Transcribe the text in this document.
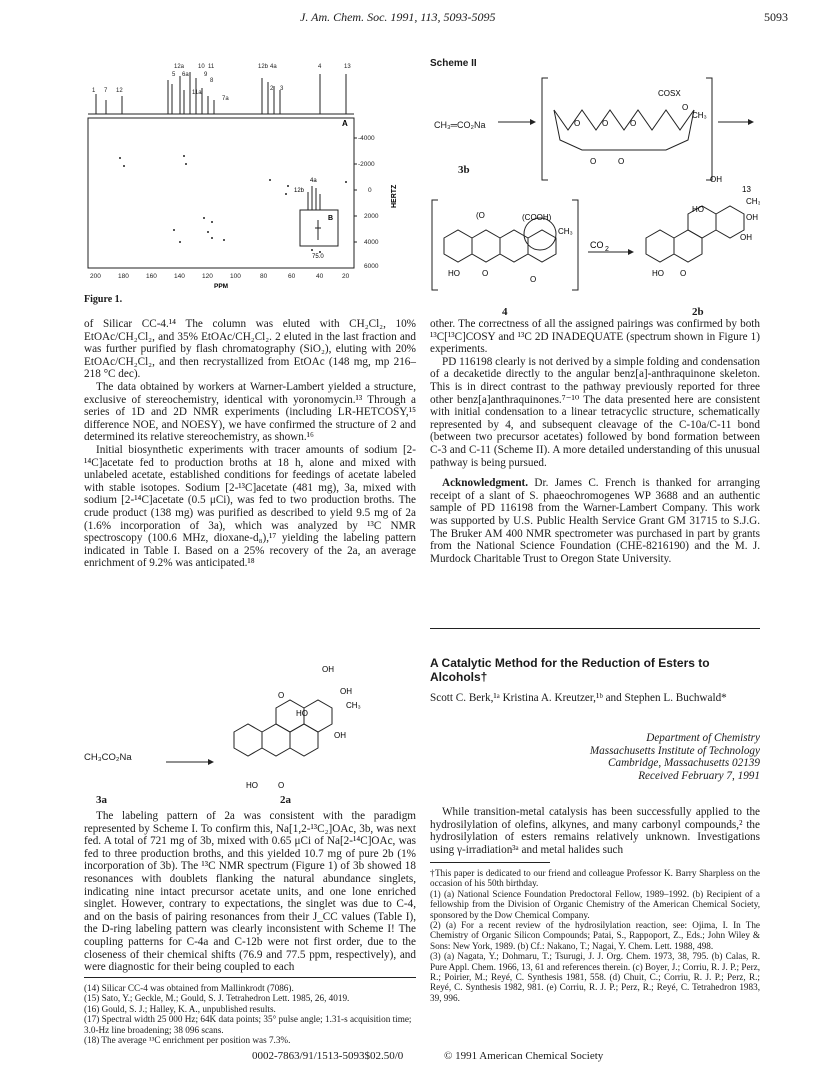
J. Am. Chem. Soc. 1991, 113, 5093-5095	5093
12a 10 11	12b 4a	4	13
5 6a	9
8
11a
7a
1 7 12	2 3
A
-4000
-2000
0
2000
4000
6000
HERTZ
B
75.0
12b
4a
200	180	160	140	120	100	80	60	40	20
PPM
Figure 1.

of Silicar CC-4.¹⁴ The column was eluted with CH₂Cl₂, 10% EtOAc/CH₂Cl₂, and 35% EtOAc/CH₂Cl₂. 2 eluted in the last fraction and was further purified by flash chromatography (SiO₂), eluting with 20% EtOAc/CH₂Cl₂, and then recrystallized from EtOAc (148 mg, mp 216–218 °C dec).

The data obtained by workers at Warner-Lambert yielded a structure, exclusive of stereochemistry, identical with yoronomycin.¹³ Through a series of 1D and 2D NMR experiments (including LR-HETCOSY,¹⁵ difference NOE, and NOESY), we have confirmed the structure of 2 and determined its relative stereochemistry, as shown.¹⁶

Initial biosynthetic experiments with tracer amounts of sodium [2-¹⁴C]acetate fed to production broths at 18 h, alone and mixed with unlabeled acetate, established conditions for feedings of acetate labeled with stable isotopes. Sodium [2-¹³C]acetate (481 mg), 3a, mixed with sodium [2-¹⁴C]acetate (0.5 μCi), was fed to two production broths. The crude product (138 mg) was purified as described to yield 9.5 mg of 2a (1.6% incorporation of 3a), which was analyzed by ¹³C NMR spectroscopy (100.6 MHz, dioxane-d₈),¹⁷ yielding the labeling pattern indicated in Table I. Based on a 25% recovery of the 2a, an average enrichment of 9.2% was anticipated.¹⁸

OH
OH
CH₃
OH
O
HO
HO	O
CH₃CO₂Na
3a	2a

The labeling pattern of 2a was consistent with the paradigm represented by Scheme I. To confirm this, Na[1,2-¹³C₂]OAc, 3b, was next fed. A total of 721 mg of 3b, mixed with 0.65 μCi of Na[2-¹⁴C]OAc, was fed to three production broths, and this yielded 10.7 mg of pure 2b (1% incorporation of 3b). The ¹³C NMR spectrum (Figure 1) of 3b showed 18 resonances with doublets flanking the natural abundance singlets, indicating nine intact precursor acetate units, and one lone enriched singlet. However, contrary to expectations, the singlet was due to C-4, and on the basis of pairing resonances from their J_CC values (Table I), the D-ring labeling pattern was clearly inconsistent with Scheme I! The coupling patterns for C-4a and C-12b were not first order, due to the closeness of their chemical shifts (76.9 and 77.5 ppm, respectively), and were diagnostic for their being coupled to each

(14) Silicar CC-4 was obtained from Mallinkrodt (7086).

(15) Sato, Y.; Geckle, M.; Gould, S. J. Tetrahedron Lett. 1985, 26, 4019.

(16) Gould, S. J.; Halley, K. A., unpublished results.

(17) Spectral width 25 000 Hz; 64K data points; 35° pulse angle; 1.31-s acquisition time; 3.0-Hz line broadening; 38 096 scans.

(18) The average ¹³C enrichment per position was 7.3%.

Scheme II
COSX
O
CH₃
O	O	O
O	O
(O	(COOH)
CH₃
HO	O
O
CO 2
OH
13
CH₃
OH
OH
HO
HO O
3b
CH₃═CO₂Na
4	2b

other. The correctness of all the assigned pairings was confirmed by both ¹³C[¹³C]COSY and ¹³C 2D INADEQUATE (spectrum shown in Figure 1) experiments.

PD 116198 clearly is not derived by a simple folding and condensation of a decaketide directly to the angular benz[a]-anthraquinone skeleton. This is in direct contrast to the pathway previously reported for three other benz[a]anthraquinones.⁷⁻¹⁰ The data presented here are consistent with initial condensation to a linear tetracyclic structure, schematically represented by 4, and subsequent cleavage of the C-10a/C-11 bond (between two precursor acetates) followed by bond formation between C-3 and C-11 (Scheme II). A more detailed understanding of this unusual pathway is being pursued.

Acknowledgment. Dr. James C. French is thanked for arranging receipt of a slant of S. phaeochromogenes WP 3688 and an authentic sample of PD 116198 from the Warner-Lambert Company. This work was supported by U.S. Public Health Service Grant GM 31715 to S.J.G. The Bruker AM 400 NMR spectrometer was purchased in part by grants from the National Science Foundation (CHE-8216190) and the M. J. Murdock Charitable Trust to Oregon State University.

A Catalytic Method for the Reduction of Esters to Alcohols†
Scott C. Berk,¹ᵃ Kristina A. Kreutzer,¹ᵇ and Stephen L. Buchwald*
Department of Chemistry
Massachusetts Institute of Technology
Cambridge, Massachusetts 02139
Received February 7, 1991

While transition-metal catalysis has been successfully applied to the hydrosilylation of olefins, alkynes, and many carbonyl compounds,² the hydrosilylation of esters remains relatively unknown. Investigations using γ-irradiation³ᵃ and metal halides such

†This paper is dedicated to our friend and colleague Professor K. Barry Sharpless on the occasion of his 50th birthday.

(1) (a) National Science Foundation Predoctoral Fellow, 1989–1992. (b) Recipient of a fellowship from the Division of Organic Chemistry of the American Chemical Society, sponsored by the Dow Chemical Company.

(2) (a) For a recent review of the hydrosilylation reaction, see: Ojima, I. In The Chemistry of Organic Silicon Compounds; Patai, S., Rappoport, Z., Eds.; John Wiley & Sons: New York, 1989. (b) Cf.: Nakano, T.; Nagai, Y. Chem. Lett. 1988, 498.

(3) (a) Nagata, Y.; Dohmaru, T.; Tsurugi, J. J. Org. Chem. 1973, 38, 795. (b) Calas, R. Pure Appl. Chem. 1966, 13, 61 and references therein. (c) Boyer, J.; Corriu, R. J. P.; Perz, R.; Poirier, M.; Reyé, C. Synthesis 1981, 558. (d) Chuit, C.; Corriu, R. J. P.; Perz, R.; Reyé, C. Synthesis 1982, 981. (e) Corriu, R. J. P.; Perz, R.; Reyé, C. Tetrahedron 1983, 39, 996.

0002-7863/91/1513-5093$02.50/0	© 1991 American Chemical Society
